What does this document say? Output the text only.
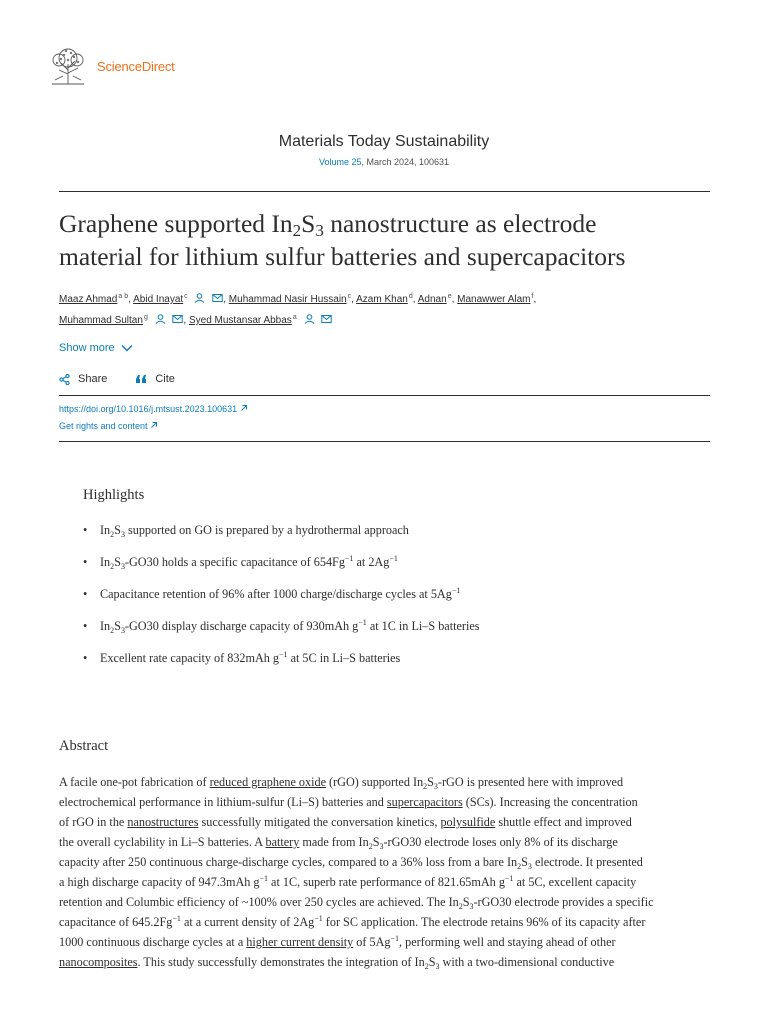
ScienceDirect
Materials Today Sustainability
Volume 25, March 2024, 100631
Graphene supported $In_2S_3$ nanostructure as electrode
material for lithium sulfur batteries and supercapacitors
Maaz Ahmad$^{a b}$, Abid Inayat$^c$	, Muhammad Nasir Hussain$^c$, Azam Khan$^d$, Adnan$^e$, Manawwer Alam$^f$,
Muhammad Sultan$^g$	, Syed Mustansar Abbas$^a$
Show more
Share	Cite
https://doi.org/10.1016/j.mtsust.2023.100631
Get rights and content
Highlights
• $In_2S_3$ supported on GO is prepared by a hydrothermal approach
• $In_2S_3-GO30$ holds a specific capacitance of $654Fg^{-1}$ at $2Ag^{-1}$
• Capacitance retention of 96% after 1000 charge/discharge cycles at $5Ag^{-1}$
• $In_2S_3-GO30$ display discharge capacity of 930mAh $g^{-1}$ at 1C in Li–S batteries
• Excellent rate capacity of 832mAh $g^{-1}$ at 5C in Li–S batteries
Abstract
A facile one-pot fabrication of reduced graphene oxide (rGO) supported $In_2S_3$-rGO is presented here with improved
electrochemical performance in lithium-sulfur (Li–S) batteries and supercapacitors (SCs). Increasing the concentration
of rGO in the nanostructures successfully mitigated the conversation kinetics, polysulfide shuttle effect and improved
the overall cyclability in Li–S batteries. A battery made from $In_2S_3-rGO30$ electrode loses only 8% of its discharge
capacity after 250 continuous charge-discharge cycles, compared to a 36% loss from a bare $In_2S_3$ electrode. It presented
a high discharge capacity of 947.3mAh $g^{-1}$ at 1C, superb rate performance of 821.65mAh $g^{-1}$ at 5C, excellent capacity
retention and Columbic efficiency of ~100% over 250 cycles are achieved. The $In_2S_3-rGO30$ electrode provides a specific
capacitance of $645.2Fg^{-1}$ at a current density of $2Ag^{-1}$ for SC application. The electrode retains 96% of its capacity after
1000 continuous discharge cycles at a higher current density of $5Ag^{-1}$, performing well and staying ahead of other
nanocomposites. This study successfully demonstrates the integration of $In_2S_3$ with a two-dimensional conductive
